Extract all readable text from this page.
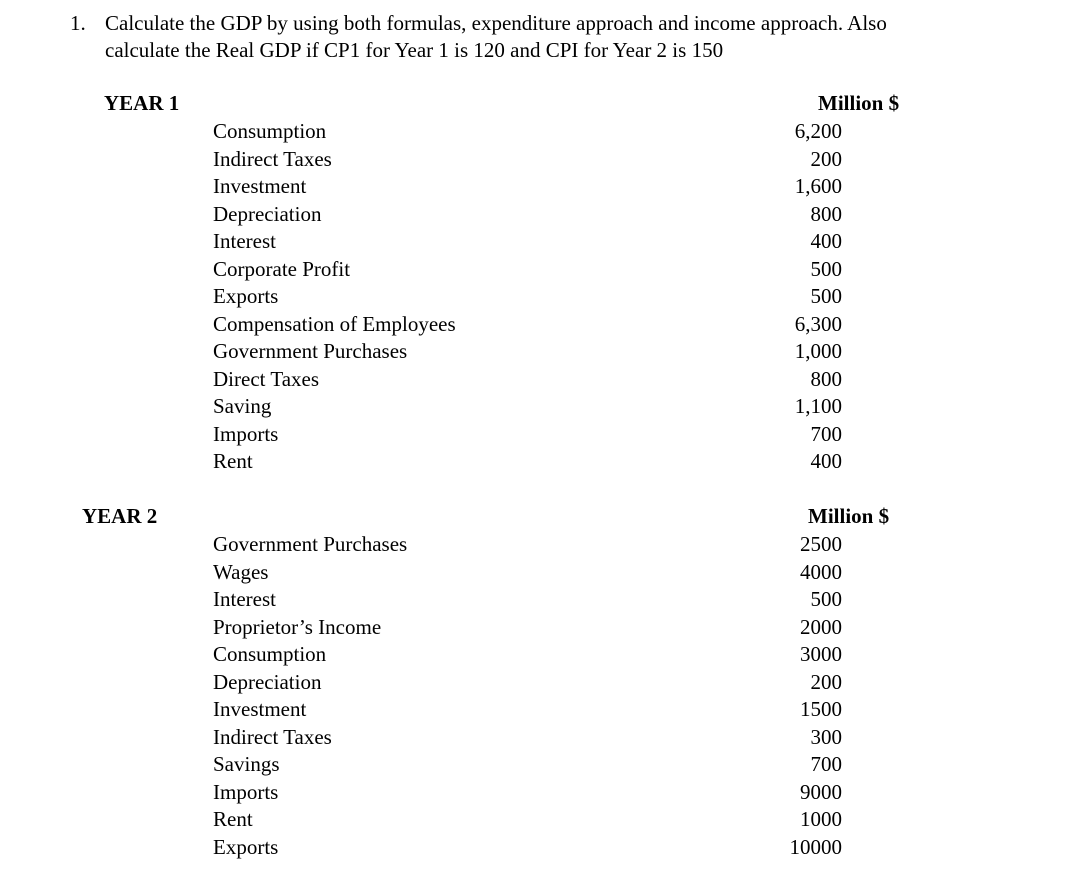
1. Calculate the GDP by using both formulas, expenditure approach and income approach. Also
calculate the Real GDP if CP1 for Year 1 is 120 and CPI for Year 2 is 150
YEAR 1	Million $
Consumption	6,200
Indirect Taxes	200
Investment	1,600
Depreciation	800
Interest	400
Corporate Profit	500
Exports	500
Compensation of Employees	6,300
Government Purchases	1,000
Direct Taxes	800
Saving	1,100
Imports	700
Rent	400
YEAR 2	Million $
Government Purchases	2500
Wages	4000
Interest	500
Proprietor’s Income	2000
Consumption	3000
Depreciation	200
Investment	1500
Indirect Taxes	300
Savings	700
Imports	9000
Rent	1000
Exports	10000
